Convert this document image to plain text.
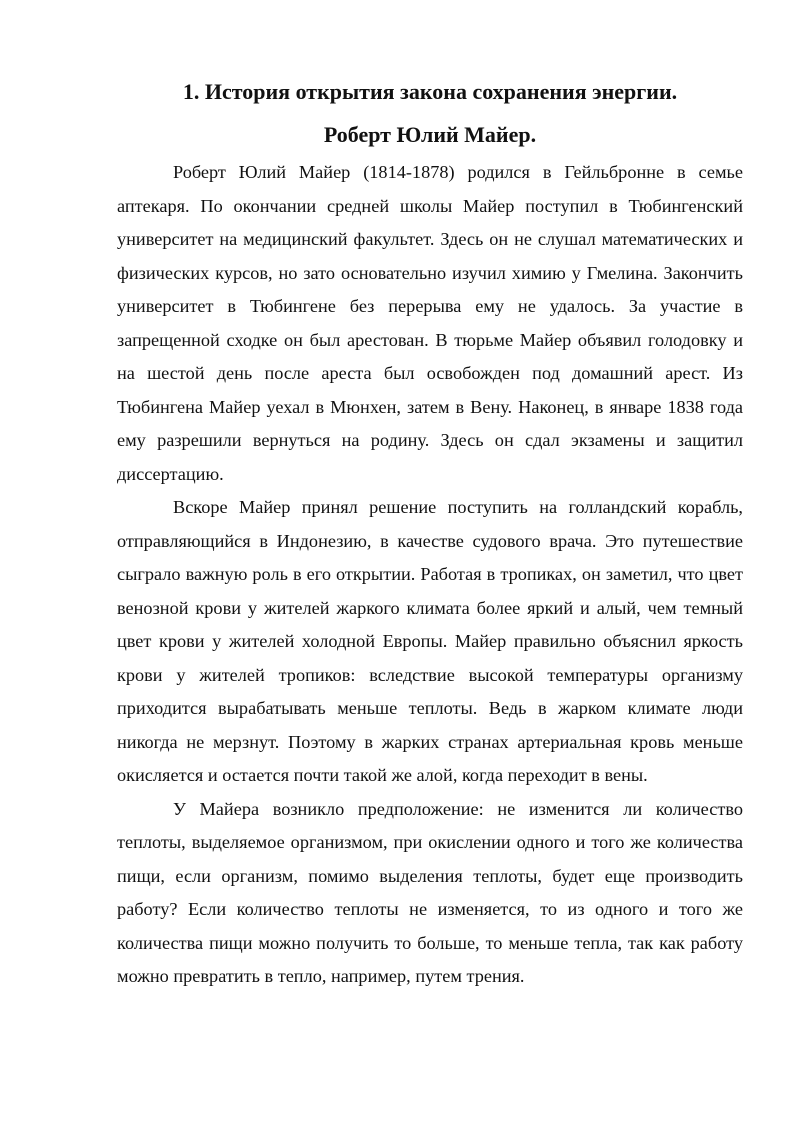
1. История открытия закона сохранения энергии.
Роберт Юлий Майер.

Роберт Юлий Майер (1814-1878) родился в Гейльбронне в семье аптекаря. По окончании средней школы Майер поступил в Тюбингенский университет на медицинский факультет. Здесь он не слушал математических и физических курсов, но зато основательно изучил химию у Гмелина. Закончить университет в Тюбингене без перерыва ему не удалось. За участие в запрещенной сходке он был арестован. В тюрьме Майер объявил голодовку и на шестой день после ареста был освобожден под домашний арест. Из Тюбингена Майер уехал в Мюнхен, затем в Вену. Наконец, в январе 1838 года ему разрешили вернуться на родину. Здесь он сдал экзамены и защитил диссертацию.

Вскоре Майер принял решение поступить на голландский корабль, отправляющийся в Индонезию, в качестве судового врача. Это путешествие сыграло важную роль в его открытии. Работая в тропиках, он заметил, что цвет венозной крови у жителей жаркого климата более яркий и алый, чем темный цвет крови у жителей холодной Европы. Майер правильно объяснил яркость крови у жителей тропиков: вследствие высокой температуры организму приходится вырабатывать меньше теплоты. Ведь в жарком климате люди никогда не мерзнут. Поэтому в жарких странах артериальная кровь меньше окисляется и остается почти такой же алой, когда переходит в вены.

У Майера возникло предположение: не изменится ли количество теплоты, выделяемое организмом, при окислении одного и того же количества пищи, если организм, помимо выделения теплоты, будет еще производить работу? Если количество теплоты не изменяется, то из одного и того же количества пищи можно получить то больше, то меньше тепла, так как работу можно превратить в тепло, например, путем трения.
